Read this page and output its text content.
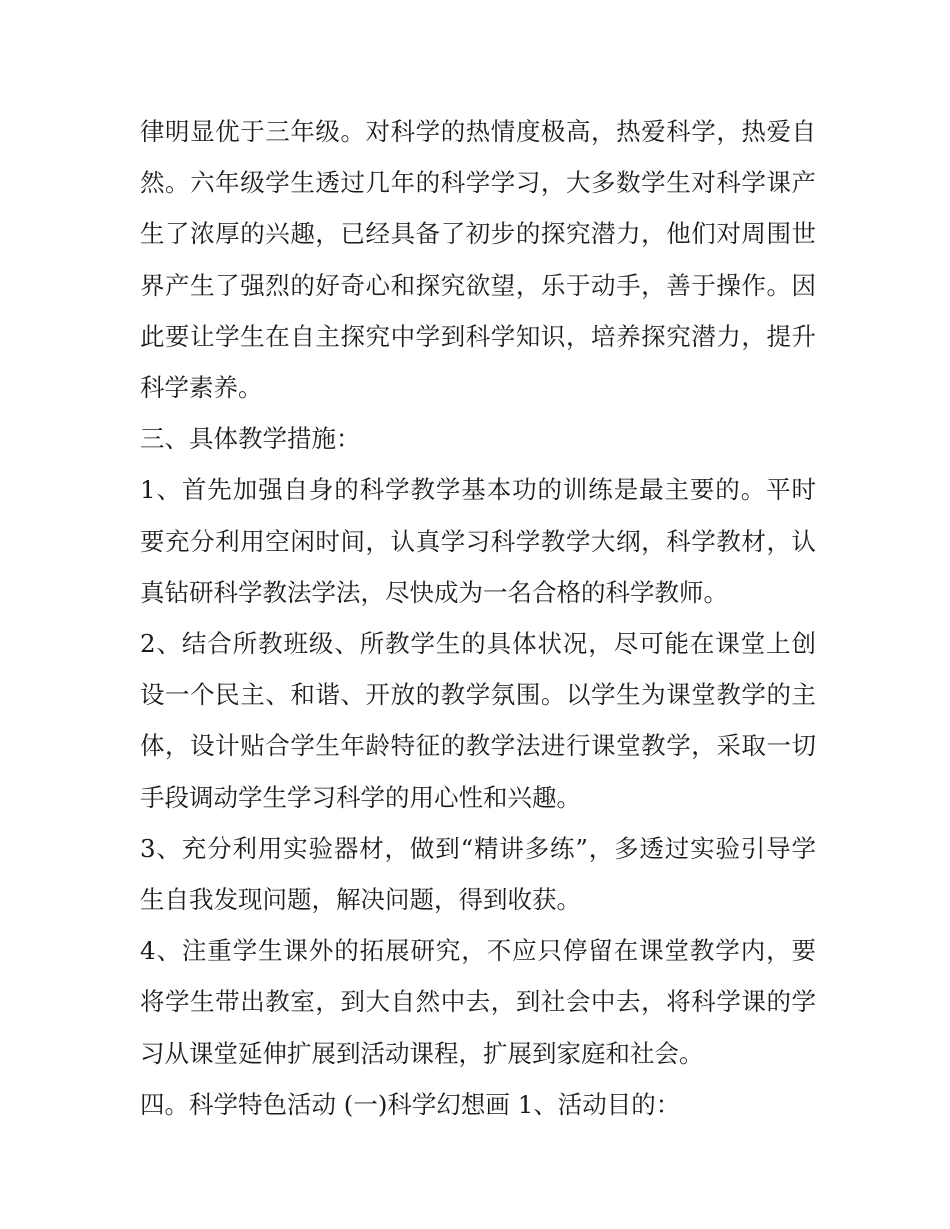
律明显优于三年级。对科学的热情度极高，热爱科学，热爱自然。六年级学生透过几年的科学学习，大多数学生对科学课产生了浓厚的兴趣，已经具备了初步的探究潜力，他们对周围世界产生了强烈的好奇心和探究欲望，乐于动手，善于操作。因此要让学生在自主探究中学到科学知识，培养探究潜力，提升科学素养。

三、具体教学措施：

1、首先加强自身的科学教学基本功的训练是最主要的。平时要充分利用空闲时间，认真学习科学教学大纲，科学教材，认真钻研科学教法学法，尽快成为一名合格的科学教师。

2、结合所教班级、所教学生的具体状况，尽可能在课堂上创设一个民主、和谐、开放的教学氛围。以学生为课堂教学的主体，设计贴合学生年龄特征的教学法进行课堂教学，采取一切手段调动学生学习科学的用心性和兴趣。

3、充分利用实验器材，做到“精讲多练”，多透过实验引导学生自我发现问题，解决问题，得到收获。

4、注重学生课外的拓展研究，不应只停留在课堂教学内，要将学生带出教室，到大自然中去，到社会中去，将科学课的学习从课堂延伸扩展到活动课程，扩展到家庭和社会。

四。科学特色活动 (一)科学幻想画 1、活动目的：
